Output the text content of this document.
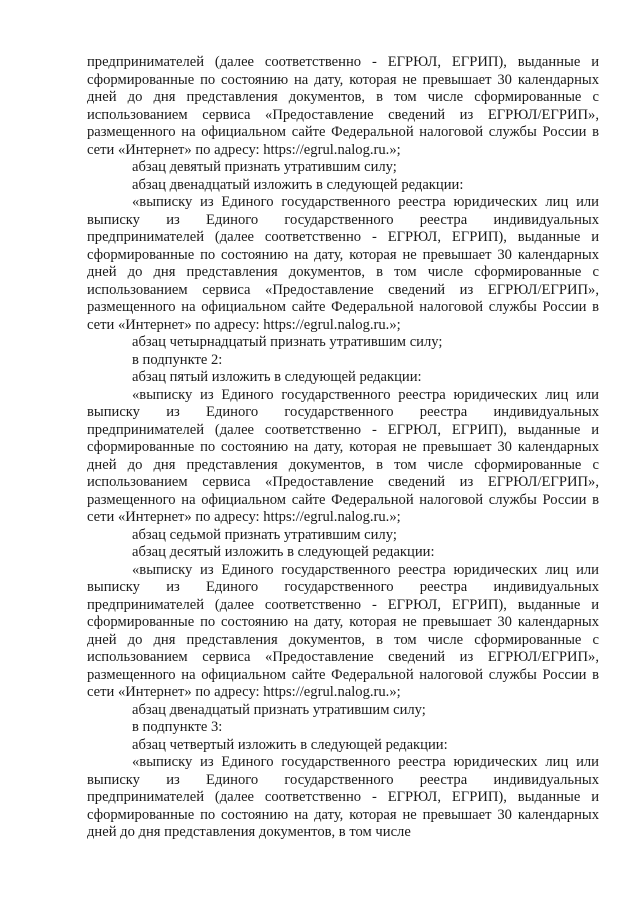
предпринимателей (далее соответственно - ЕГРЮЛ, ЕГРИП), выданные и сформированные по состоянию на дату, которая не превышает 30 календарных дней до дня представления документов, в том числе сформированные с использованием сервиса «Предоставление сведений из ЕГРЮЛ/ЕГРИП», размещенного на официальном сайте Федеральной налоговой службы России в сети «Интернет» по адресу: https://egrul.nalog.ru.»;

абзац девятый признать утратившим силу;

абзац двенадцатый изложить в следующей редакции:

«выписку из Единого государственного реестра юридических лиц или выписку из Единого государственного реестра индивидуальных предпринимателей (далее соответственно - ЕГРЮЛ, ЕГРИП), выданные и сформированные по состоянию на дату, которая не превышает 30 календарных дней до дня представления документов, в том числе сформированные с использованием сервиса «Предоставление сведений из ЕГРЮЛ/ЕГРИП», размещенного на официальном сайте Федеральной налоговой службы России в сети «Интернет» по адресу: https://egrul.nalog.ru.»;

абзац четырнадцатый признать утратившим силу;

в подпункте 2:

абзац пятый изложить в следующей редакции:

«выписку из Единого государственного реестра юридических лиц или выписку из Единого государственного реестра индивидуальных предпринимателей (далее соответственно - ЕГРЮЛ, ЕГРИП), выданные и сформированные по состоянию на дату, которая не превышает 30 календарных дней до дня представления документов, в том числе сформированные с использованием сервиса «Предоставление сведений из ЕГРЮЛ/ЕГРИП», размещенного на официальном сайте Федеральной налоговой службы России в сети «Интернет» по адресу: https://egrul.nalog.ru.»;

абзац седьмой признать утратившим силу;

абзац десятый изложить в следующей редакции:

«выписку из Единого государственного реестра юридических лиц или выписку из Единого государственного реестра индивидуальных предпринимателей (далее соответственно - ЕГРЮЛ, ЕГРИП), выданные и сформированные по состоянию на дату, которая не превышает 30 календарных дней до дня представления документов, в том числе сформированные с использованием сервиса «Предоставление сведений из ЕГРЮЛ/ЕГРИП», размещенного на официальном сайте Федеральной налоговой службы России в сети «Интернет» по адресу: https://egrul.nalog.ru.»;

абзац двенадцатый признать утратившим силу;

в подпункте 3:

абзац четвертый изложить в следующей редакции:

«выписку из Единого государственного реестра юридических лиц или выписку из Единого государственного реестра индивидуальных предпринимателей (далее соответственно - ЕГРЮЛ, ЕГРИП), выданные и сформированные по состоянию на дату, которая не превышает 30 календарных дней до дня представления документов, в том числе
